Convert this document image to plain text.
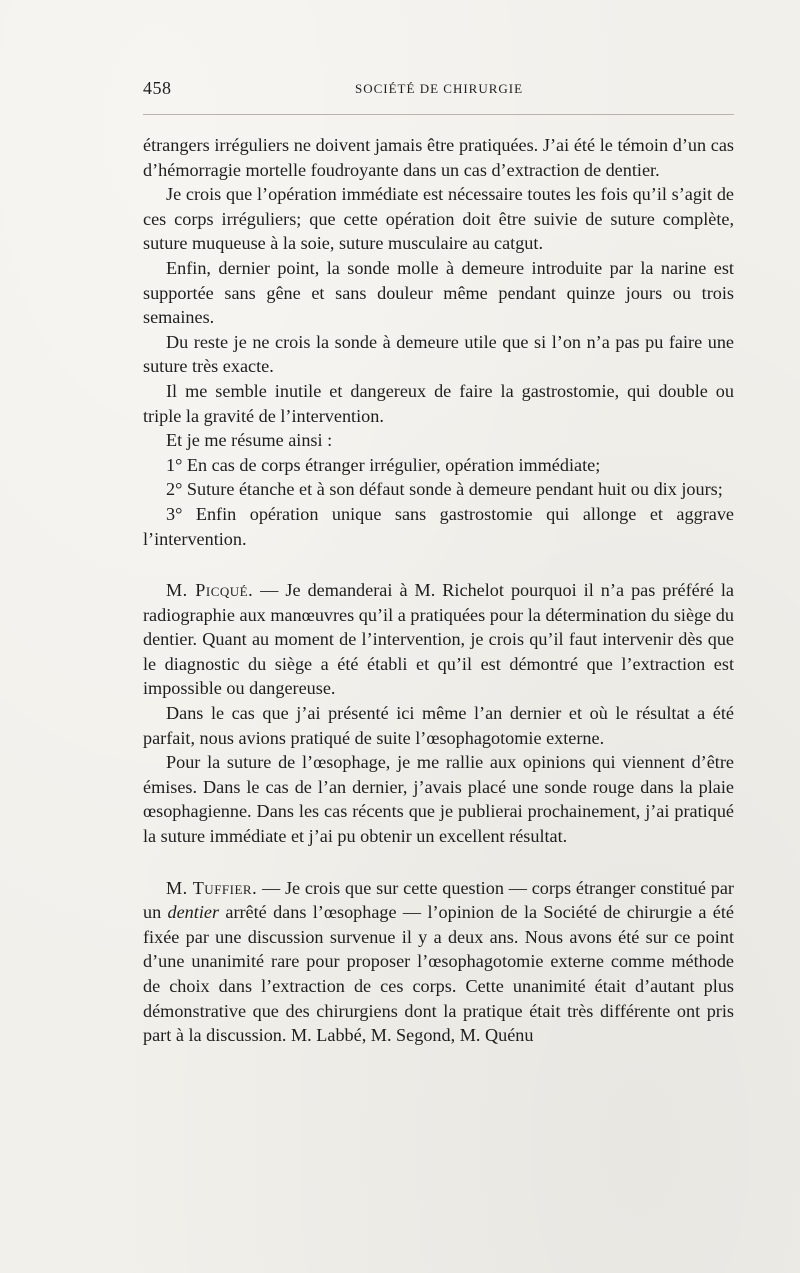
458	SOCIÉTÉ DE CHIRURGIE

étrangers irréguliers ne doivent jamais être pratiquées. J’ai été le témoin d’un cas d’hémorragie mortelle foudroyante dans un cas d’extraction de dentier.

Je crois que l’opération immédiate est nécessaire toutes les fois qu’il s’agit de ces corps irréguliers; que cette opération doit être suivie de suture complète, suture muqueuse à la soie, suture musculaire au catgut.

Enfin, dernier point, la sonde molle à demeure introduite par la narine est supportée sans gêne et sans douleur même pendant quinze jours ou trois semaines.

Du reste je ne crois la sonde à demeure utile que si l’on n’a pas pu faire une suture très exacte.

Il me semble inutile et dangereux de faire la gastrostomie, qui double ou triple la gravité de l’intervention.

Et je me résume ainsi :

1° En cas de corps étranger irrégulier, opération immédiate;

2° Suture étanche et à son défaut sonde à demeure pendant huit ou dix jours;

3° Enfin opération unique sans gastrostomie qui allonge et aggrave l’intervention.

M. Picqué. — Je demanderai à M. Richelot pourquoi il n’a pas préféré la radiographie aux manœuvres qu’il a pratiquées pour la détermination du siège du dentier. Quant au moment de l’intervention, je crois qu’il faut intervenir dès que le diagnostic du siège a été établi et qu’il est démontré que l’extraction est impossible ou dangereuse.

Dans le cas que j’ai présenté ici même l’an dernier et où le résultat a été parfait, nous avions pratiqué de suite l’œsophagotomie externe.

Pour la suture de l’œsophage, je me rallie aux opinions qui viennent d’être émises. Dans le cas de l’an dernier, j’avais placé une sonde rouge dans la plaie œsophagienne. Dans les cas récents que je publierai prochainement, j’ai pratiqué la suture immédiate et j’ai pu obtenir un excellent résultat.

M. Tuffier. — Je crois que sur cette question — corps étranger constitué par un dentier arrêté dans l’œsophage — l’opinion de la Société de chirurgie a été fixée par une discussion survenue il y a deux ans. Nous avons été sur ce point d’une unanimité rare pour proposer l’œsophagotomie externe comme méthode de choix dans l’extraction de ces corps. Cette unanimité était d’autant plus démonstrative que des chirurgiens dont la pratique était très différente ont pris part à la discussion. M. Labbé, M. Segond, M. Quénu
